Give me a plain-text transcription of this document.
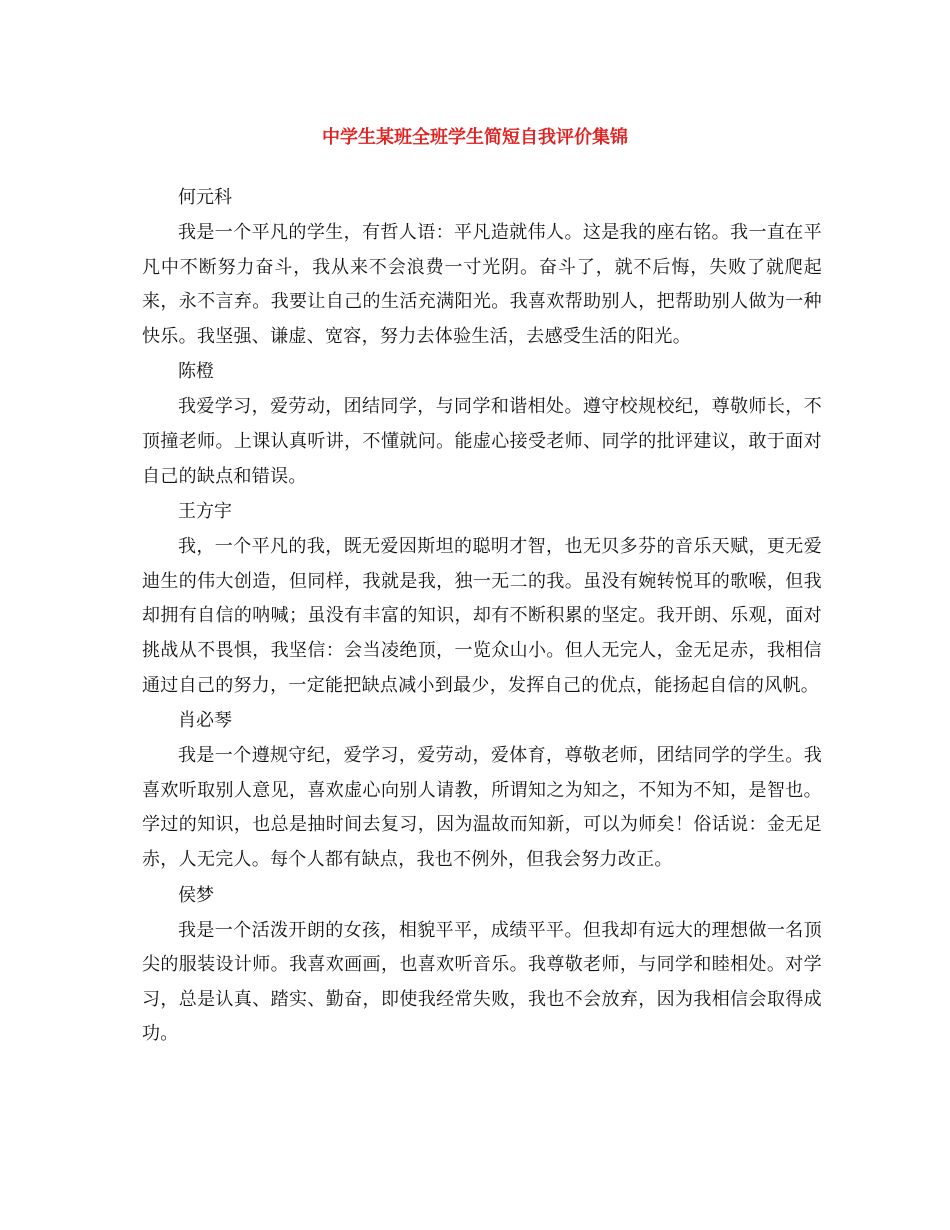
中学生某班全班学生简短自我评价集锦

何元科

我是一个平凡的学生，有哲人语：平凡造就伟人。这是我的座右铭。我一直在平凡中不断努力奋斗，我从来不会浪费一寸光阴。奋斗了，就不后悔，失败了就爬起来，永不言弃。我要让自己的生活充满阳光。我喜欢帮助别人，把帮助别人做为一种快乐。我坚强、谦虚、宽容，努力去体验生活，去感受生活的阳光。

陈橙

我爱学习，爱劳动，团结同学，与同学和谐相处。遵守校规校纪，尊敬师长，不顶撞老师。上课认真听讲，不懂就问。能虚心接受老师、同学的批评建议，敢于面对自己的缺点和错误。

王方宇

我，一个平凡的我，既无爱因斯坦的聪明才智，也无贝多芬的音乐天赋，更无爱迪生的伟大创造，但同样，我就是我，独一无二的我。虽没有婉转悦耳的歌喉，但我却拥有自信的呐喊；虽没有丰富的知识，却有不断积累的坚定。我开朗、乐观，面对挑战从不畏惧，我坚信：会当凌绝顶，一览众山小。但人无完人，金无足赤，我相信通过自己的努力，一定能把缺点减小到最少，发挥自己的优点，能扬起自信的风帆。

肖必琴

我是一个遵规守纪，爱学习，爱劳动，爱体育，尊敬老师，团结同学的学生。我喜欢听取别人意见，喜欢虚心向别人请教，所谓知之为知之，不知为不知，是智也。学过的知识，也总是抽时间去复习，因为温故而知新，可以为师矣！俗话说：金无足赤，人无完人。每个人都有缺点，我也不例外，但我会努力改正。

侯梦

我是一个活泼开朗的女孩，相貌平平，成绩平平。但我却有远大的理想做一名顶尖的服装设计师。我喜欢画画，也喜欢听音乐。我尊敬老师，与同学和睦相处。对学习，总是认真、踏实、勤奋，即使我经常失败，我也不会放弃，因为我相信会取得成功。
